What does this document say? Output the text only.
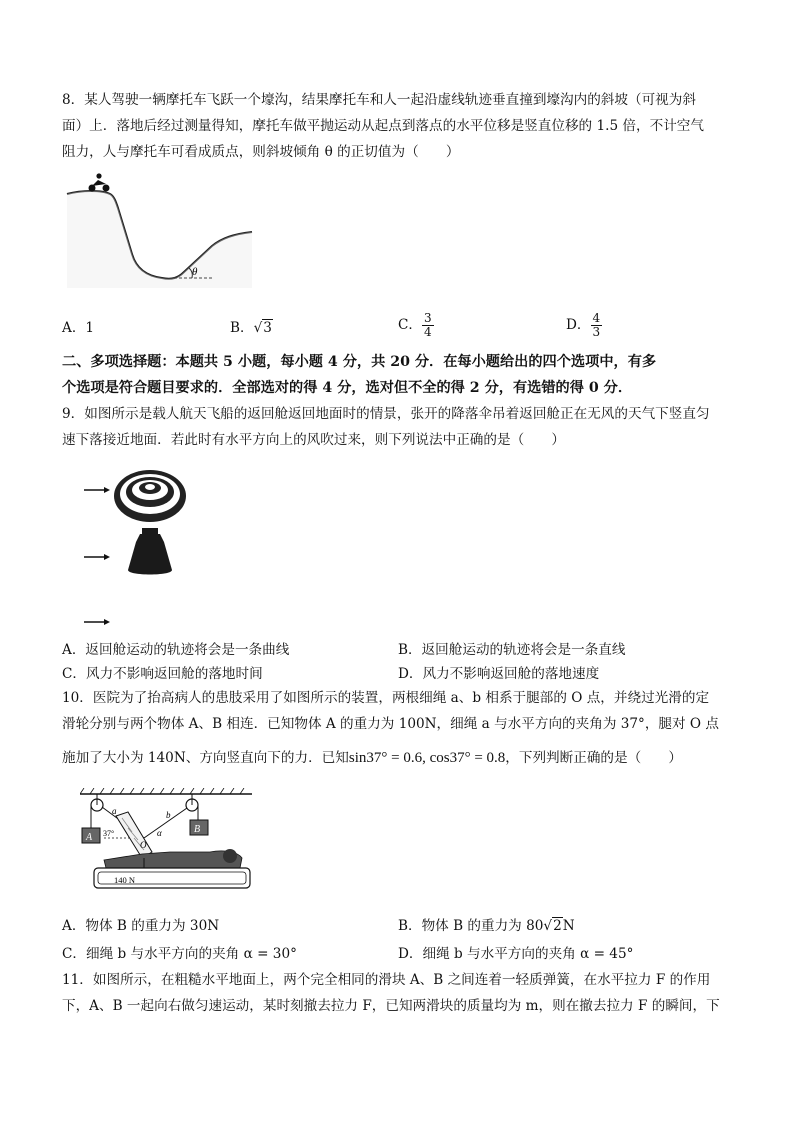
8．某人驾驶一辆摩托车飞跃一个壕沟，结果摩托车和人一起沿虚线轨迹垂直撞到壕沟内的斜坡（可视为斜
面）上．落地后经过测量得知，摩托车做平抛运动从起点到落点的水平位移是竖直位移的 1.5 倍，不计空气
阻力，人与摩托车可看成质点，则斜坡倾角 θ 的正切值为（　　）
θ
A．1	B．√3	C． $\frac{3}{4}$	D． $\frac{4}{3}$
二、多项选择题：本题共 5 小题，每小题 4 分，共 20 分．在每小题给出的四个选项中，有多
个选项是符合题目要求的．全部选对的得 4 分，选对但不全的得 2 分，有选错的得 0 分．
9．如图所示是载人航天飞船的返回舱返回地面时的情景，张开的降落伞吊着返回舱正在无风的天气下竖直匀
速下落接近地面．若此时有水平方向上的风吹过来，则下列说法中正确的是（　　）
A．返回舱运动的轨迹将会是一条曲线	B．返回舱运动的轨迹将会是一条直线
C．风力不影响返回舱的落地时间	D．风力不影响返回舱的落地速度
10．医院为了抬高病人的患肢采用了如图所示的装置，两根细绳 a、b 相系于腿部的 O 点，并绕过光滑的定
滑轮分别与两个物体 A、B 相连．已知物体 A 的重力为 100N，细绳 a 与水平方向的夹角为 37°，腿对 O 点
施加了大小为 140N、方向竖直向下的力．已知sin37° = 0.6, cos37° = 0.8，下列判断正确的是（　　）
A
B
a	b
37°	α
O
140 N
A．物体 B 的重力为 30N	B．物体 B 的重力为 80√2N
C．细绳 b 与水平方向的夹角 α = 30°	D．细绳 b 与水平方向的夹角 α = 45°
11．如图所示，在粗糙水平地面上，两个完全相同的滑块 A、B 之间连着一轻质弹簧，在水平拉力 F 的作用
下，A、B 一起向右做匀速运动，某时刻撤去拉力 F，已知两滑块的质量均为 m，则在撤去拉力 F 的瞬间，下
